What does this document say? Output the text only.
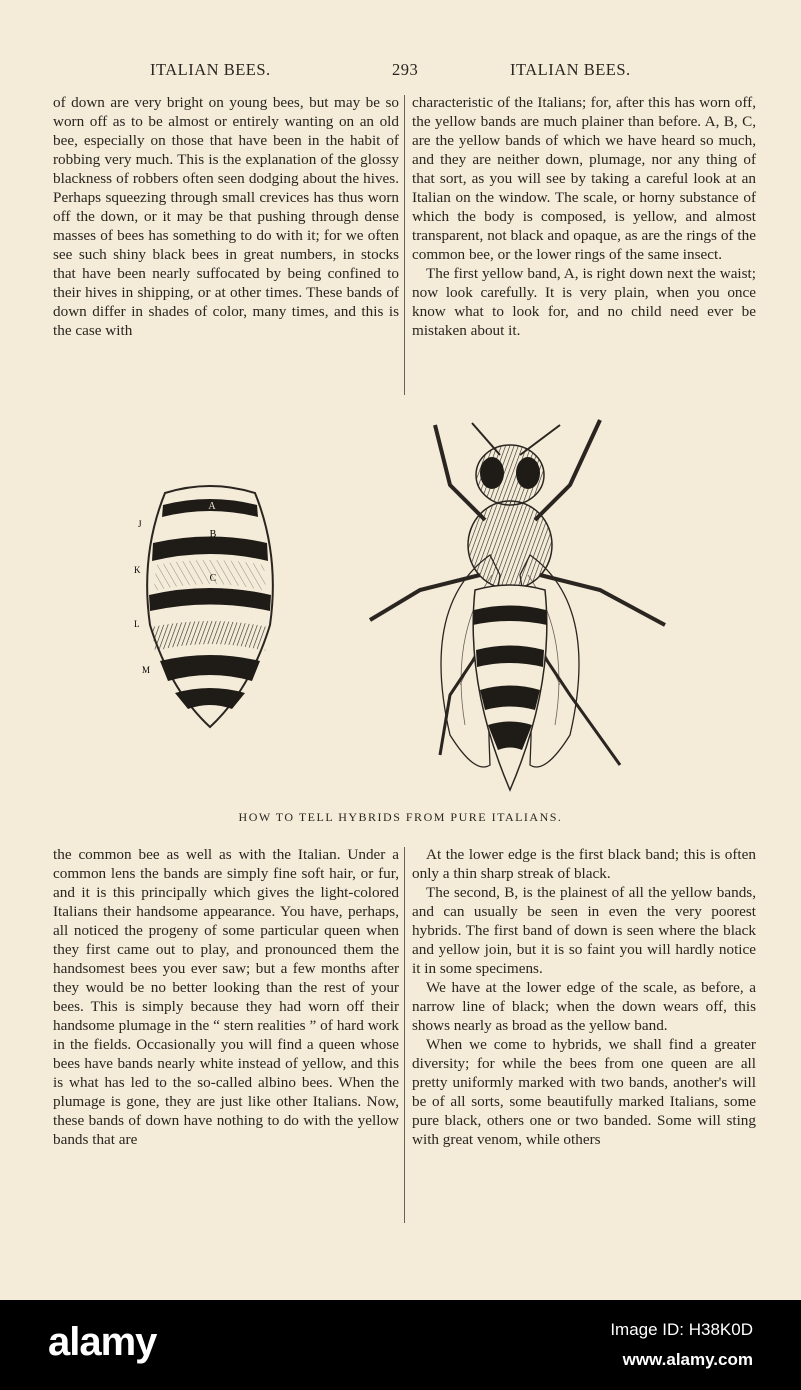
ITALIAN BEES.	293	ITALIAN BEES.

of down are very bright on young bees, but may be so worn off as to be almost or entirely wanting on an old bee, especially on those that have been in the habit of robbing very much. This is the explanation of the glossy blackness of robbers often seen dodging about the hives. Perhaps squeezing through small crevices has thus worn off the down, or it may be that pushing through dense masses of bees has something to do with it; for we often see such shiny black bees in great numbers, in stocks that have been nearly suffocated by being confined to their hives in shipping, or at other times. These bands of down differ in shades of color, many times, and this is the case with

characteristic of the Italians; for, after this has worn off, the yellow bands are much plainer than before. A, B, C, are the yellow bands of which we have heard so much, and they are neither down, plumage, nor any thing of that sort, as you will see by taking a careful look at an Italian on the window. The scale, or horny substance of which the body is composed, is yellow, and almost transparent, not black and opaque, as are the rings of the common bee, or the lower rings of the same insect.

The first yellow band, A, is right down next the waist; now look carefully. It is very plain, when you once know what to look for, and no child need ever be mistaken about it.

A
B
C
J
K
L
M
HOW TO TELL HYBRIDS FROM PURE ITALIANS.

the common bee as well as with the Italian. Under a common lens the bands are simply fine soft hair, or fur, and it is this principally which gives the light-colored Italians their handsome appearance. You have, perhaps, all noticed the progeny of some particular queen when they first came out to play, and pronounced them the handsomest bees you ever saw; but a few months after they would be no better looking than the rest of your bees. This is simply because they had worn off their handsome plumage in the “ stern realities ” of hard work in the fields. Occasionally you will find a queen whose bees have bands nearly white instead of yellow, and this is what has led to the so-called albino bees. When the plumage is gone, they are just like other Italians. Now, these bands of down have nothing to do with the yellow bands that are

At the lower edge is the first black band; this is often only a thin sharp streak of black.

The second, B, is the plainest of all the yellow bands, and can usually be seen in even the very poorest hybrids. The first band of down is seen where the black and yellow join, but it is so faint you will hardly notice it in some specimens.

We have at the lower edge of the scale, as before, a narrow line of black; when the down wears off, this shows nearly as broad as the yellow band.

When we come to hybrids, we shall find a greater diversity; for while the bees from one queen are all pretty uniformly marked with two bands, another's will be of all sorts, some beautifully marked Italians, some pure black, others one or two banded. Some will sting with great venom, while others

alamy	Image ID: H38K0D
www.alamy.com
